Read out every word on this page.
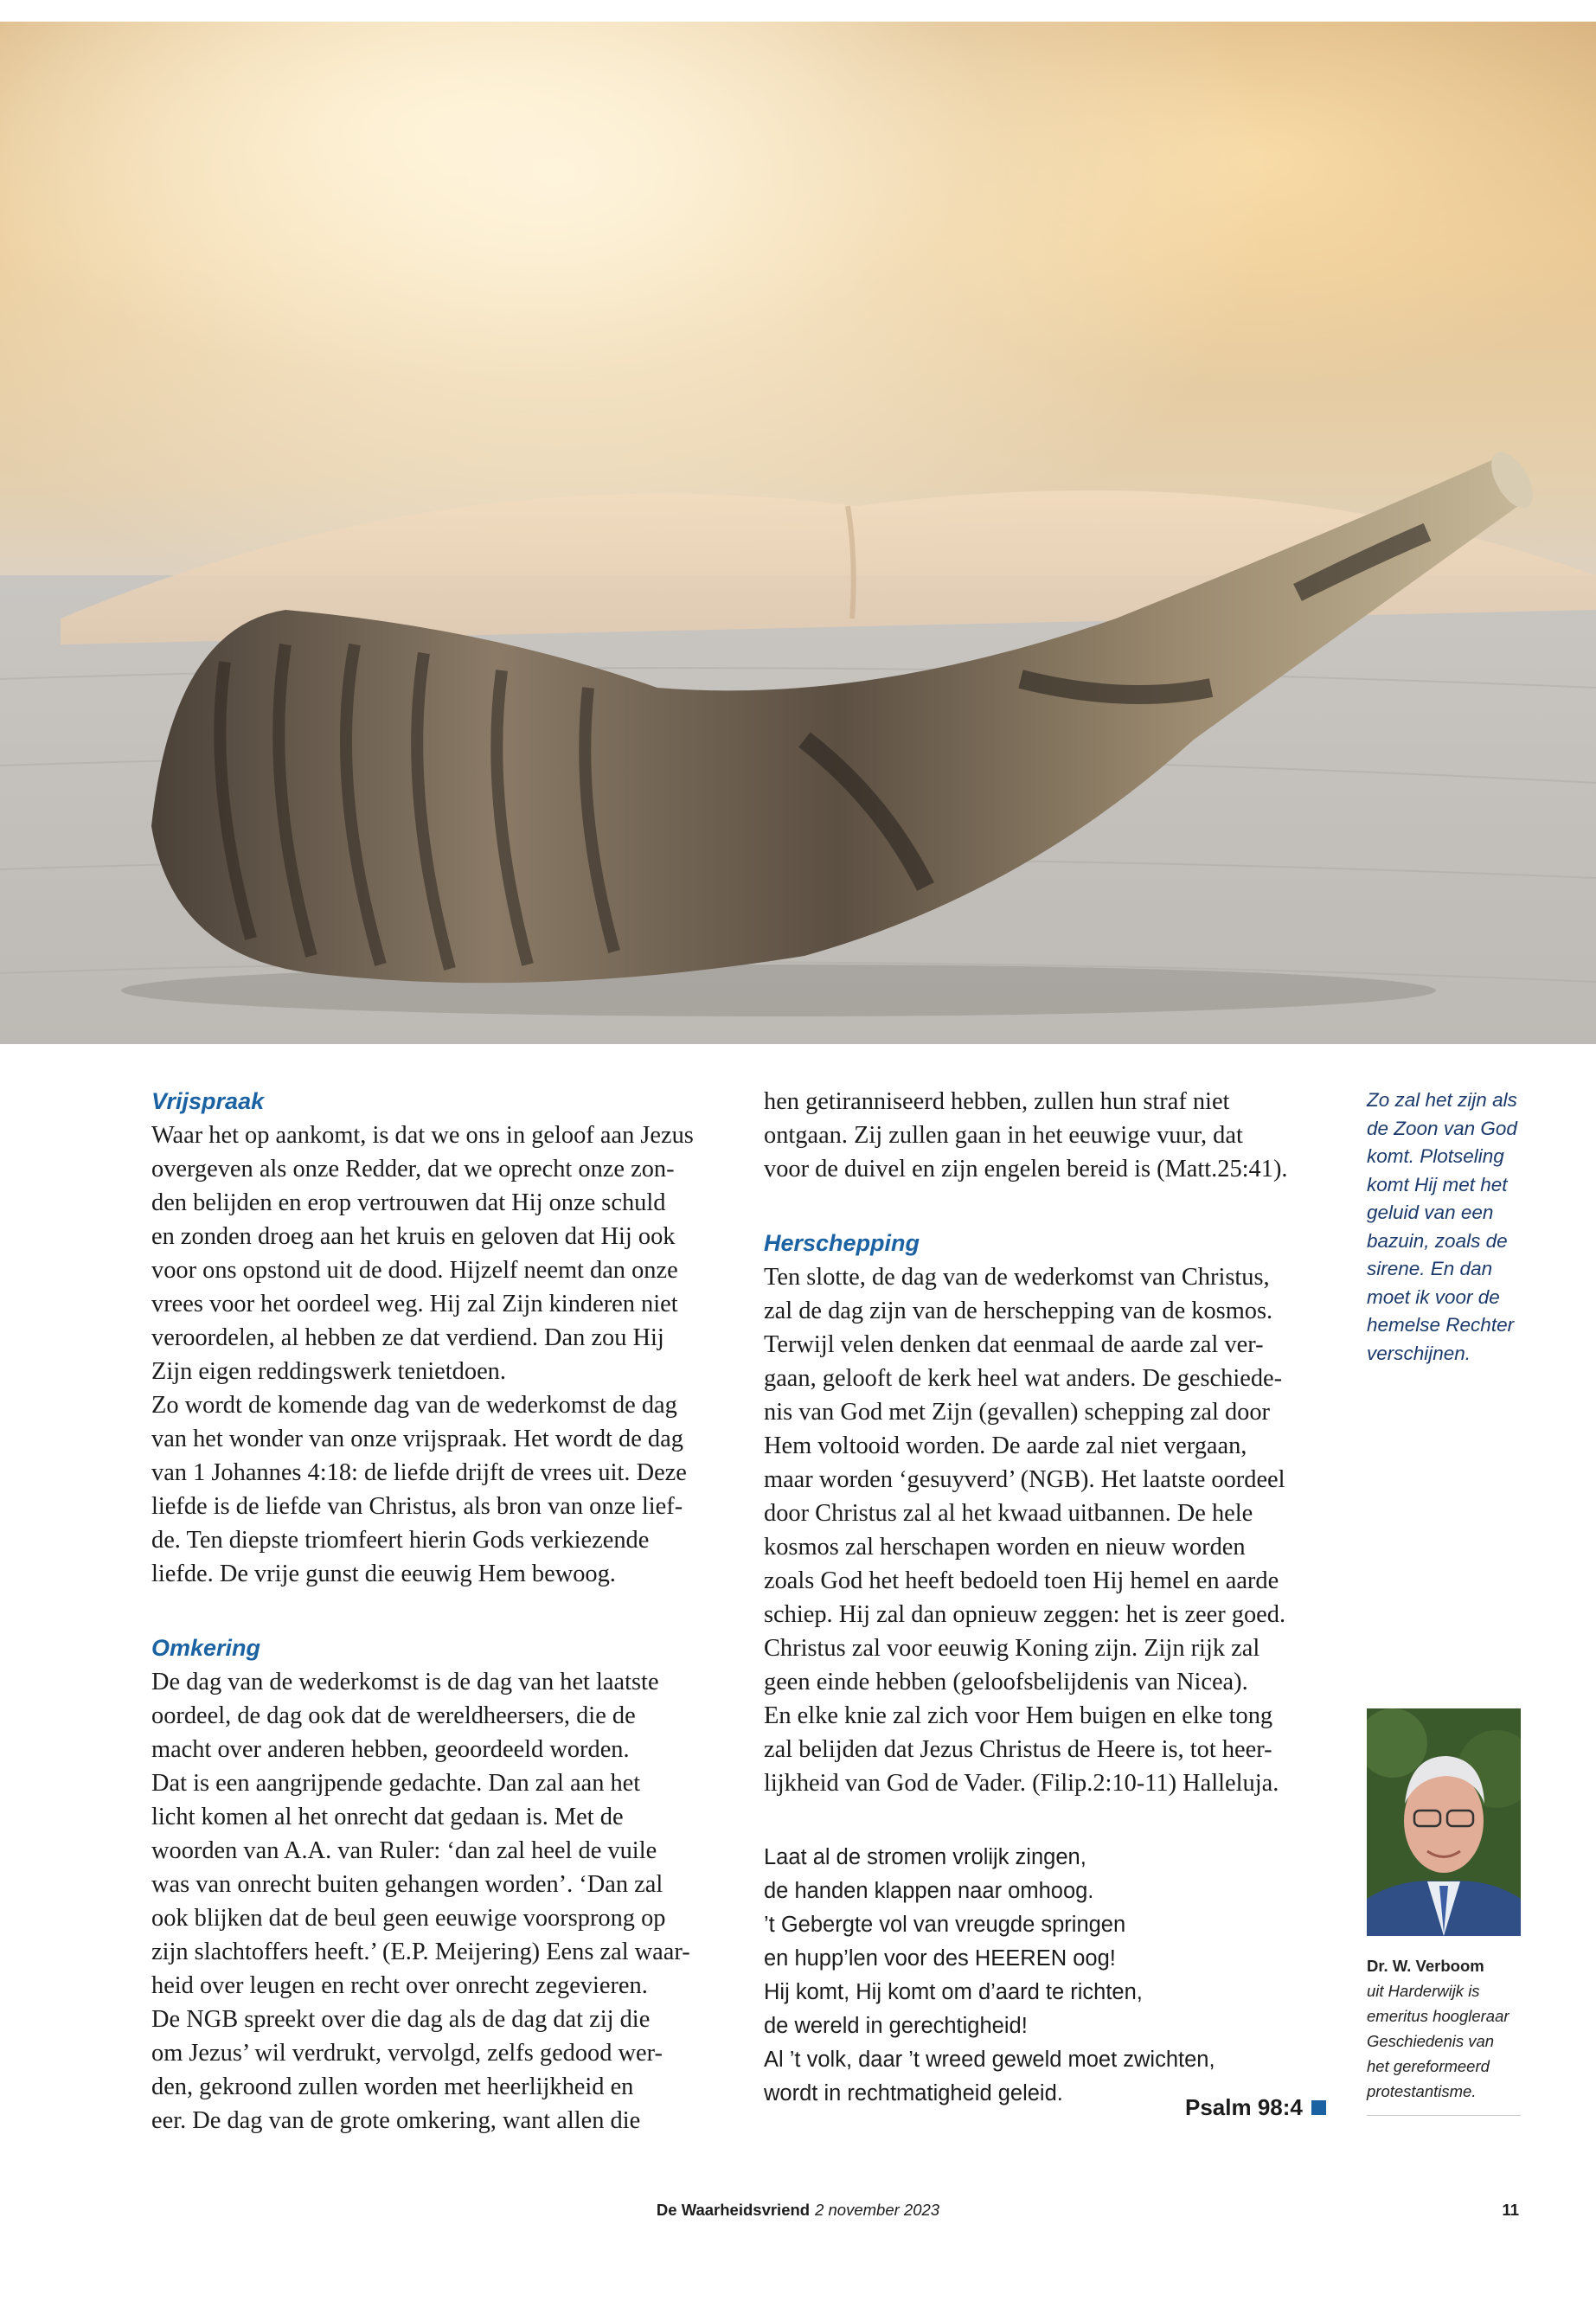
Vrijspraak

Waar het op aankomt, is dat we ons in geloof aan Jezus
overgeven als onze Redder, dat we oprecht onze zon-
den belijden en erop vertrouwen dat Hij onze schuld
en zonden droeg aan het kruis en geloven dat Hij ook
voor ons opstond uit de dood. Hijzelf neemt dan onze
vrees voor het oordeel weg. Hij zal Zijn kinderen niet
veroordelen, al hebben ze dat verdiend. Dan zou Hij
Zijn eigen reddingswerk tenietdoen.

Zo wordt de komende dag van de wederkomst de dag
van het wonder van onze vrijspraak. Het wordt de dag
van 1 Johannes 4:18: de liefde drijft de vrees uit. Deze
liefde is de liefde van Christus, als bron van onze lief-
de. Ten diepste triomfeert hierin Gods verkiezende
liefde. De vrije gunst die eeuwig Hem bewoog.

Omkering

De dag van de wederkomst is de dag van het laatste
oordeel, de dag ook dat de wereldheersers, die de
macht over anderen hebben, geoordeeld worden.
Dat is een aangrijpende gedachte. Dan zal aan het
licht komen al het onrecht dat gedaan is. Met de
woorden van A.A. van Ruler: ‘dan zal heel de vuile
was van onrecht buiten gehangen worden’. ‘Dan zal
ook blijken dat de beul geen eeuwige voorsprong op
zijn slachtoffers heeft.’ (E.P. Meijering) Eens zal waar-
heid over leugen en recht over onrecht zegevieren.
De NGB spreekt over die dag als de dag dat zij die
om Jezus’ wil verdrukt, vervolgd, zelfs gedood wer-
den, gekroond zullen worden met heerlijkheid en
eer. De dag van de grote omkering, want allen die

hen getiranniseerd hebben, zullen hun straf niet
ontgaan. Zij zullen gaan in het eeuwige vuur, dat
voor de duivel en zijn engelen bereid is (Matt.25:41).

Herschepping

Ten slotte, de dag van de wederkomst van Christus,
zal de dag zijn van de herschepping van de kosmos.
Terwijl velen denken dat eenmaal de aarde zal ver-
gaan, gelooft de kerk heel wat anders. De geschiede-
nis van God met Zijn (gevallen) schepping zal door
Hem voltooid worden. De aarde zal niet vergaan,
maar worden ‘gesuyverd’ (NGB). Het laatste oordeel
door Christus zal al het kwaad uitbannen. De hele
kosmos zal herschapen worden en nieuw worden
zoals God het heeft bedoeld toen Hij hemel en aarde
schiep. Hij zal dan opnieuw zeggen: het is zeer goed.
Christus zal voor eeuwig Koning zijn. Zijn rijk zal
geen einde hebben (geloofsbelijdenis van Nicea).
En elke knie zal zich voor Hem buigen en elke tong
zal belijden dat Jezus Christus de Heere is, tot heer-
lijkheid van God de Vader. (Filip.2:10-11) Halleluja.

Laat al de stromen vrolijk zingen,
de handen klappen naar omhoog.
’t Gebergte vol van vreugde springen
en hupp’len voor des HEEREN oog!
Hij komt, Hij komt om d’aard te richten,
de wereld in gerechtigheid!
Al ’t volk, daar ’t wreed geweld moet zwichten,
wordt in rechtmatigheid geleid.

Psalm 98:4

Zo zal het zijn als
de Zoon van God
komt. Plotseling
komt Hij met het
geluid van een
bazuin, zoals de
sirene. En dan
moet ik voor de
hemelse Rechter
verschijnen.

Dr. W. Verboom

uit Harderwijk is
emeritus hoogleraar
Geschiedenis van
het gereformeerd
protestantisme.

De Waarheidsvriend 2 november 2023	11
